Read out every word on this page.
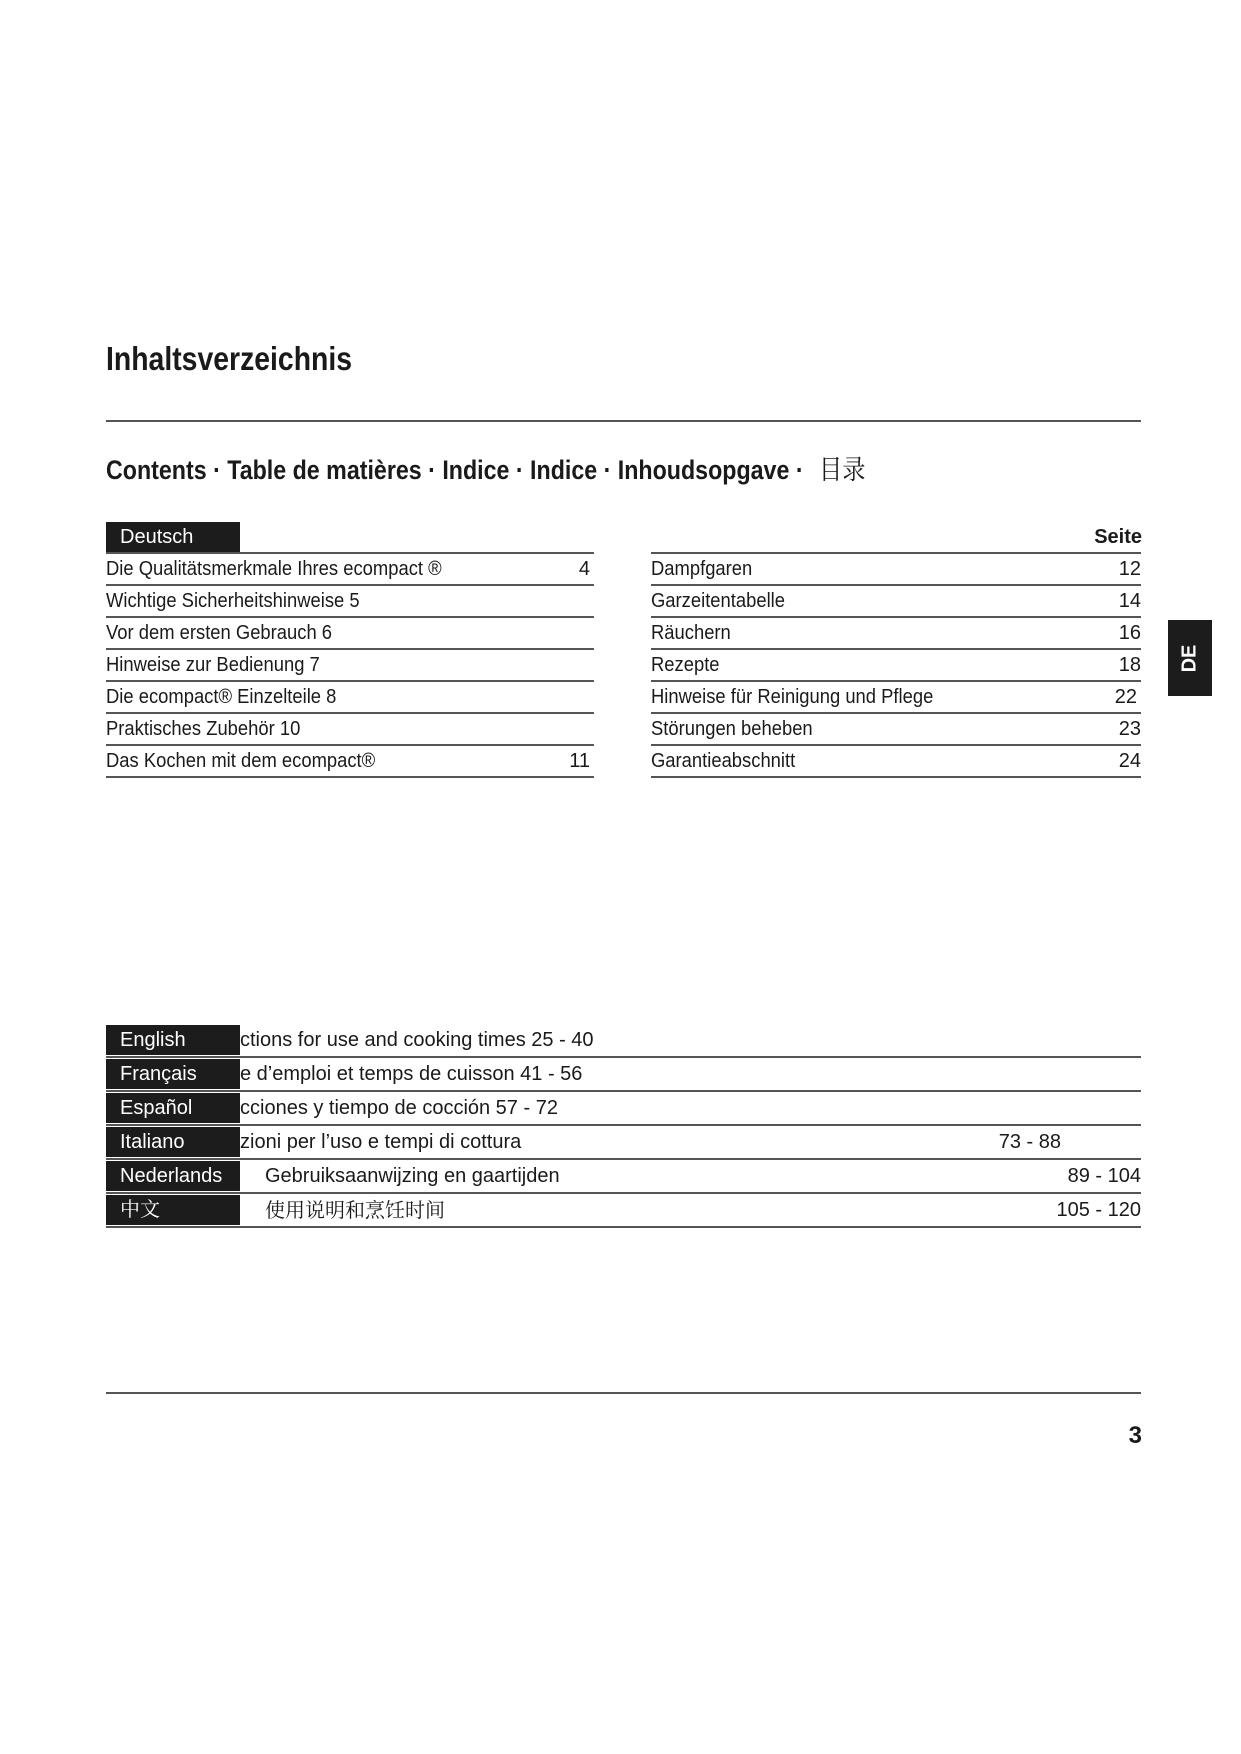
Inhaltsverzeichnis
Contents · Table de matières · Indice · Indice · Inhoudsopgave · 目录
Deutsch	Seite
Die Qualitätsmerkmale Ihres ecompact ®	4
Wichtige Sicherheitshinweise 5
Vor dem ersten Gebrauch 6
Hinweise zur Bedienung 7
Die ecompact® Einzelteile 8
Praktisches Zubehör 10
Das Kochen mit dem ecompact®	11
Dampfgaren	12
Garzeitentabelle	14
Räuchern	16
Rezepte	18
Hinweise für Reinigung und Pflege	22
Störungen beheben	23
Garantieabschnitt	24
DE
English	ctions for use and cooking times 25 - 40
Français	e d’emploi et temps de cuisson 41 - 56
Español	cciones y tiempo de cocción 57 - 72
Italiano	zioni per l’uso e tempi di cottura	73 - 88
Nederlands	Gebruiksaanwijzing en gaartijden	89 - 104
中文	使用说明和烹饪时间	105 - 120
3
